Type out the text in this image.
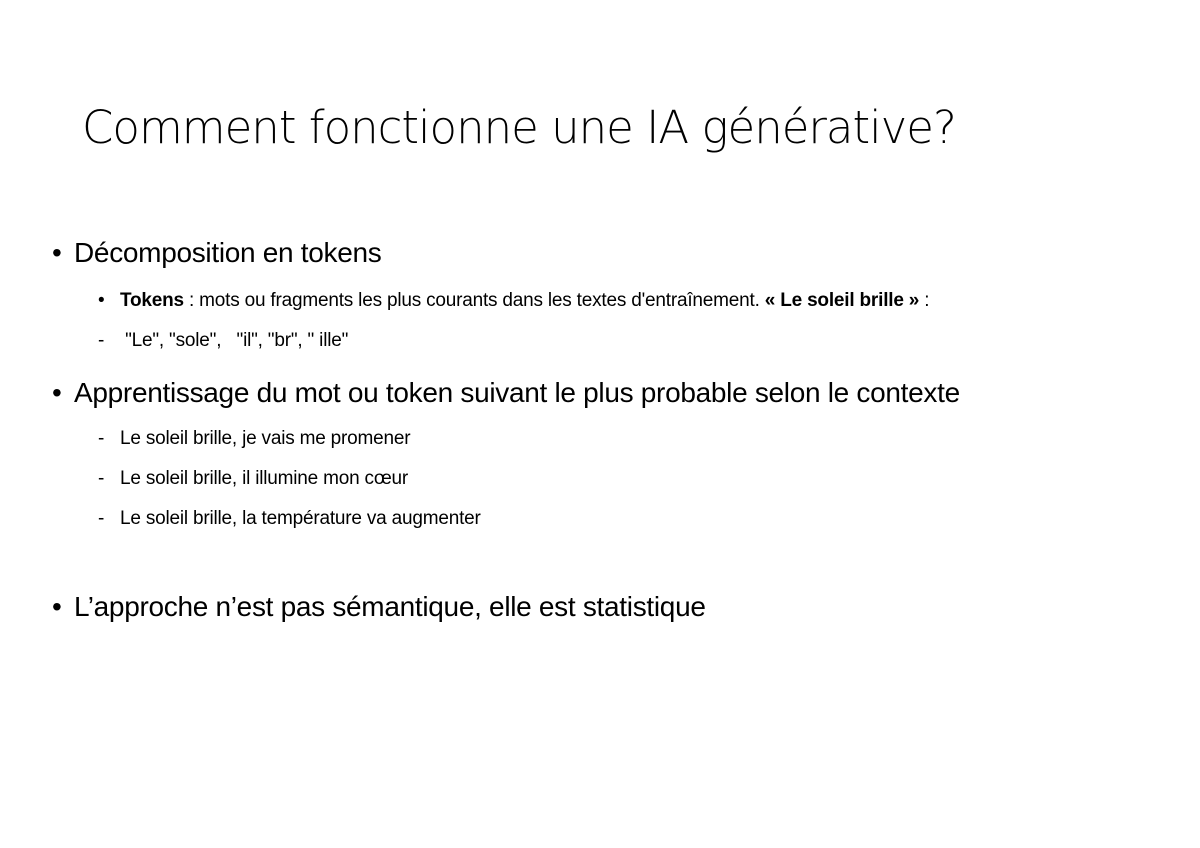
Comment fonctionne une IA générative?
• Décomposition en tokens
• Tokens : mots ou fragments les plus courants dans les textes d'entraînement. « Le soleil brille » :
- "Le", "sole",   "il", "br", " ille"
• Apprentissage du mot ou token suivant le plus probable selon le contexte
- Le soleil brille, je vais me promener
- Le soleil brille, il illumine mon cœur
- Le soleil brille, la température va augmenter
• L’approche n’est pas sémantique, elle est statistique
